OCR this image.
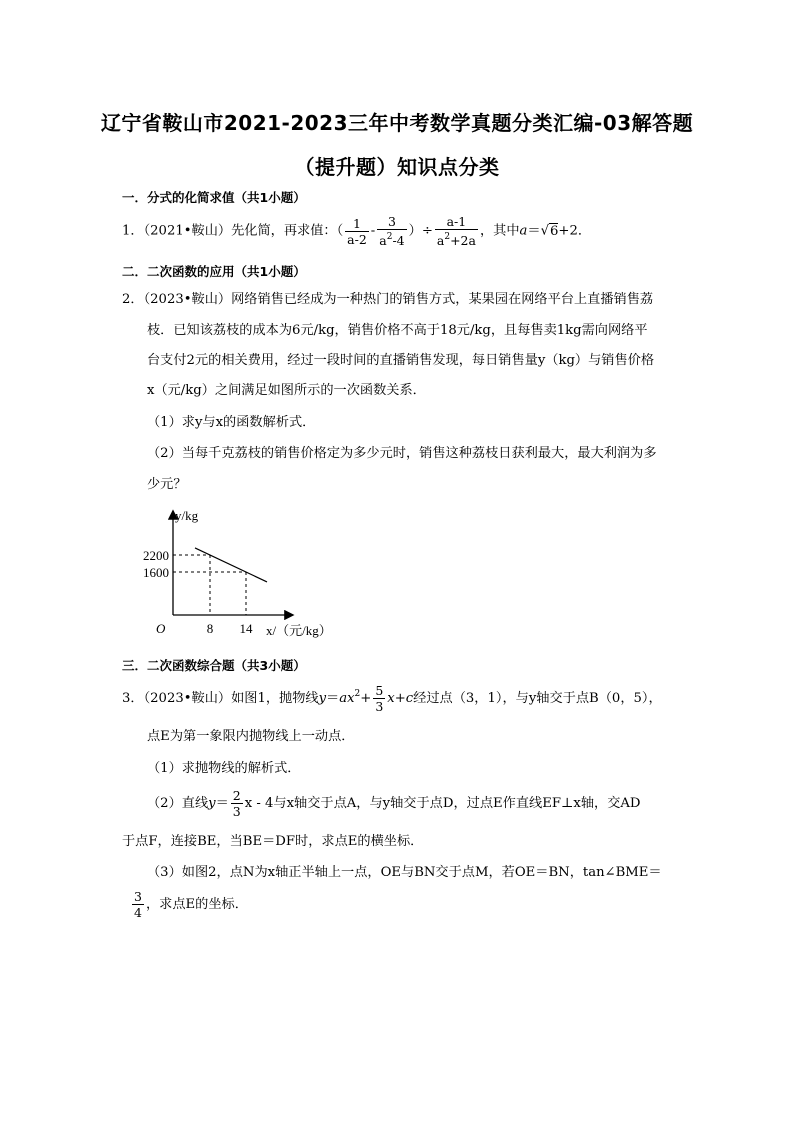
辽宁省鞍山市2021-2023三年中考数学真题分类汇编-03解答题
（提升题）知识点分类
一．分式的化简求值（共1小题）
1．（2021•鞍山）先化简，再求值：（ $\frac{1}{a-2} - \frac{3}{a^2-4}$ ）÷ $\frac{a-1}{a^2+2a}$ ，其中a＝√6+2．
二．二次函数的应用（共1小题）
2．（2023•鞍山）网络销售已经成为一种热门的销售方式，某果园在网络平台上直播销售荔
枝．已知该荔枝的成本为6元/kg，销售价格不高于18元/kg，且每售卖1kg需向网络平
台支付2元的相关费用，经过一段时间的直播销售发现，每日销售量y（kg）与销售价格
x（元/kg）之间满足如图所示的一次函数关系．
（1）求y与x的函数解析式．
（2）当每千克荔枝的销售价格定为多少元时，销售这种荔枝日获利最大，最大利润为多
少元？
8
2200
14
1600
y/kg
O	x/（元/kg）
三．二次函数综合题（共3小题）
3．（2023•鞍山）如图1，抛物线$y=ax^2+ \frac{5}{3} x+c$经过点（3，1），与y轴交于点B（0，5），
点E为第一象限内抛物线上一动点．
（1）求抛物线的解析式．
（2）直线$y= \frac{2}{3}$ x - 4与x轴交于点A，与y轴交于点D，过点E作直线EF⊥x轴，交AD
于点F，连接BE，当BE＝DF时，求点E的横坐标．
（3）如图2，点N为x轴正半轴上一点，OE与BN交于点M，若OE＝BN，tan∠BME＝
$\frac{3}{4}$ ，求点E的坐标．
